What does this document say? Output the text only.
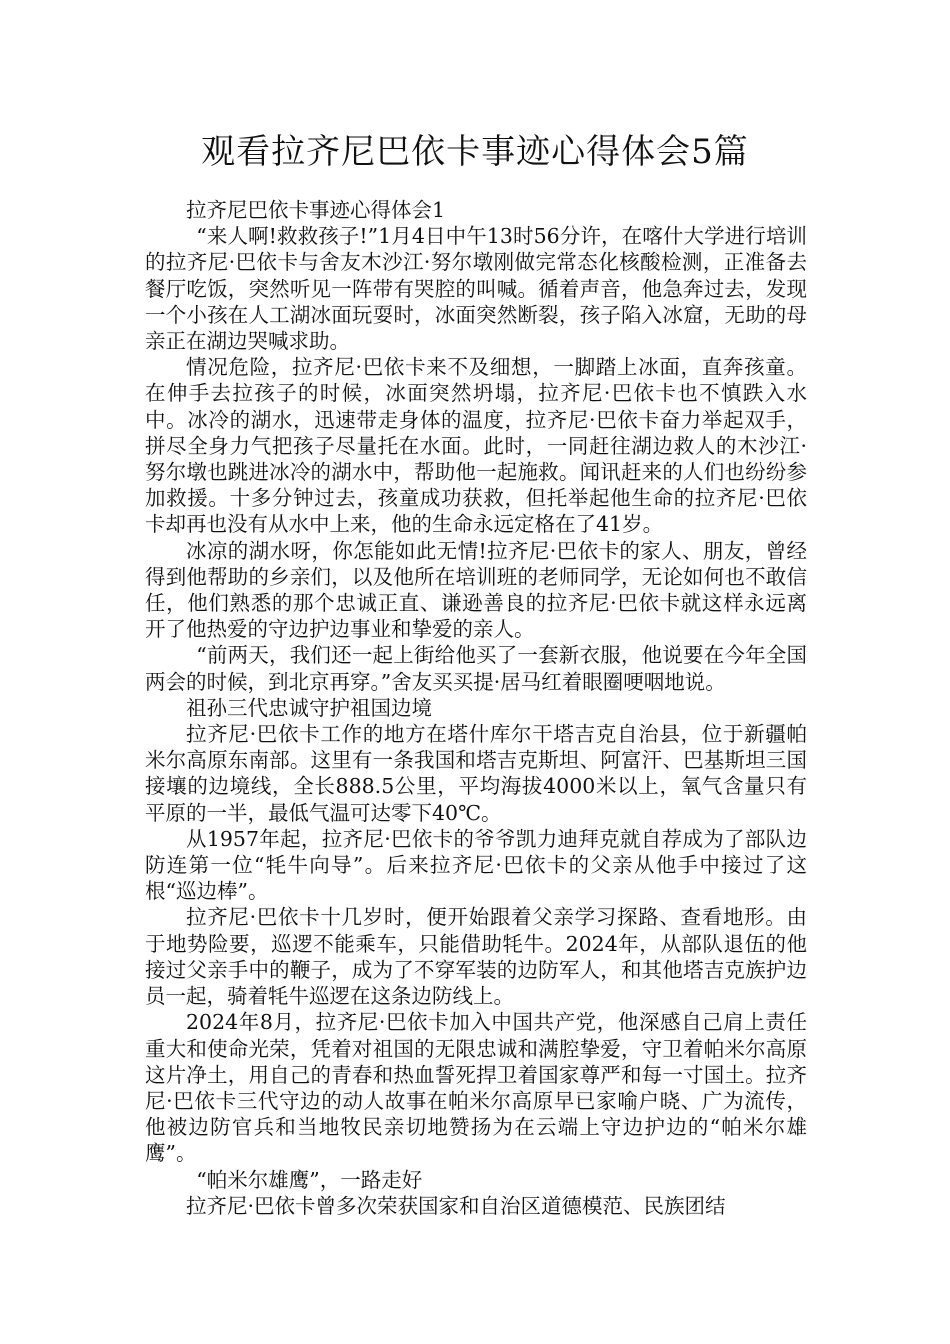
观看拉齐尼巴依卡事迹心得体会5篇

拉齐尼巴依卡事迹心得体会1

“来人啊!救救孩子!”1月4日中午13时56分许，在喀什大学进行培训的拉齐尼·巴依卡与舍友木沙江·努尔墩刚做完常态化核酸检测，正准备去餐厅吃饭，突然听见一阵带有哭腔的叫喊。循着声音，他急奔过去，发现一个小孩在人工湖冰面玩耍时，冰面突然断裂，孩子陷入冰窟，无助的母亲正在湖边哭喊求助。

情况危险，拉齐尼·巴依卡来不及细想，一脚踏上冰面，直奔孩童。在伸手去拉孩子的时候，冰面突然坍塌，拉齐尼·巴依卡也不慎跌入水中。冰冷的湖水，迅速带走身体的温度，拉齐尼·巴依卡奋力举起双手，拼尽全身力气把孩子尽量托在水面。此时，一同赶往湖边救人的木沙江·努尔墩也跳进冰冷的湖水中，帮助他一起施救。闻讯赶来的人们也纷纷参加救援。十多分钟过去，孩童成功获救，但托举起他生命的拉齐尼·巴依卡却再也没有从水中上来，他的生命永远定格在了41岁。

冰凉的湖水呀，你怎能如此无情!拉齐尼·巴依卡的家人、朋友，曾经得到他帮助的乡亲们，以及他所在培训班的老师同学，无论如何也不敢信任，他们熟悉的那个忠诚正直、谦逊善良的拉齐尼·巴依卡就这样永远离开了他热爱的守边护边事业和挚爱的亲人。

“前两天，我们还一起上街给他买了一套新衣服，他说要在今年全国两会的时候，到北京再穿。”舍友买买提·居马红着眼圈哽咽地说。

祖孙三代忠诚守护祖国边境

拉齐尼·巴依卡工作的地方在塔什库尔干塔吉克自治县，位于新疆帕米尔高原东南部。这里有一条我国和塔吉克斯坦、阿富汗、巴基斯坦三国接壤的边境线，全长888.5公里，平均海拔4000米以上，氧气含量只有平原的一半，最低气温可达零下40℃。

从1957年起，拉齐尼·巴依卡的爷爷凯力迪拜克就自荐成为了部队边防连第一位“牦牛向导”。后来拉齐尼·巴依卡的父亲从他手中接过了这根“巡边棒”。

拉齐尼·巴依卡十几岁时，便开始跟着父亲学习探路、查看地形。由于地势险要，巡逻不能乘车，只能借助牦牛。2024年，从部队退伍的他接过父亲手中的鞭子，成为了不穿军装的边防军人，和其他塔吉克族护边员一起，骑着牦牛巡逻在这条边防线上。

2024年8月，拉齐尼·巴依卡加入中国共产党，他深感自己肩上责任重大和使命光荣，凭着对祖国的无限忠诚和满腔挚爱，守卫着帕米尔高原这片净土，用自己的青春和热血誓死捍卫着国家尊严和每一寸国土。拉齐尼·巴依卡三代守边的动人故事在帕米尔高原早已家喻户晓、广为流传，他被边防官兵和当地牧民亲切地赞扬为在云端上守边护边的“帕米尔雄鹰”。

“帕米尔雄鹰”，一路走好

拉齐尼·巴依卡曾多次荣获国家和自治区道德模范、民族团结
